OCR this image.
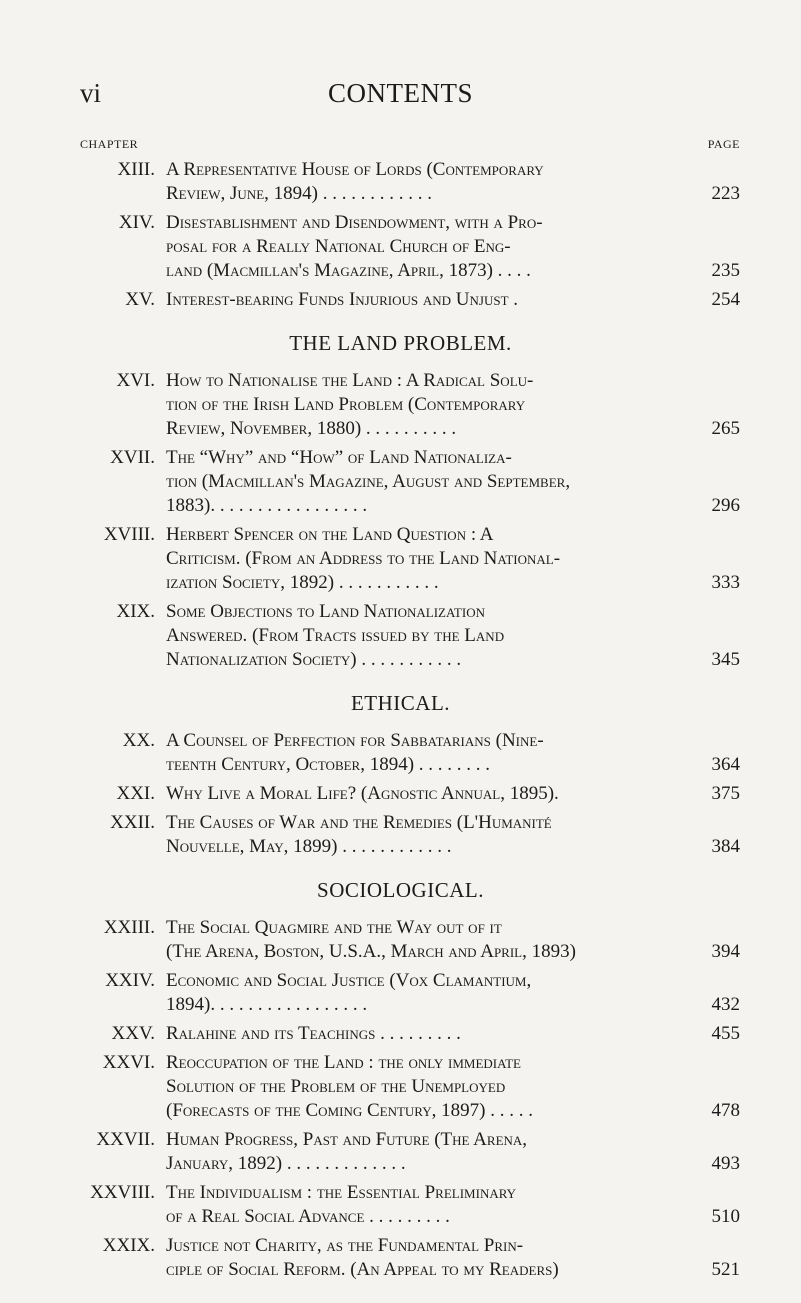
vi	CONTENTS
CHAPTER	PAGE
XIII. A Representative House of Lords (Contemporary
Review, June, 1894) . . . . . . . . . . . .	223
XIV. Disestablishment and Disendowment, with a Pro-
posal for a Really National Church of Eng-
land (Macmillan's Magazine, April, 1873) . . . .	235
XV. Interest-bearing Funds Injurious and Unjust .	254
THE LAND PROBLEM.
XVI. How to Nationalise the Land : A Radical Solu-
tion of the Irish Land Problem (Contemporary
Review, November, 1880) . . . . . . . . . .	265
XVII. The “Why” and “How” of Land Nationaliza-
tion (Macmillan's Magazine, August and September,
1883). . . . . . . . . . . . . . . . .	296
XVIII. Herbert Spencer on the Land Question : A
Criticism. (From an Address to the Land National-
ization Society, 1892) . . . . . . . . . . .	333
XIX. Some Objections to Land Nationalization
Answered. (From Tracts issued by the Land
Nationalization Society) . . . . . . . . . . .	345
ETHICAL.
XX. A Counsel of Perfection for Sabbatarians (Nine-
teenth Century, October, 1894) . . . . . . . .	364
XXI. Why Live a Moral Life? (Agnostic Annual, 1895).	375
XXII. The Causes of War and the Remedies (L'Humanité
Nouvelle, May, 1899) . . . . . . . . . . . .	384
SOCIOLOGICAL.
XXIII. The Social Quagmire and the Way out of it
(The Arena, Boston, U.S.A., March and April, 1893)	394
XXIV. Economic and Social Justice (Vox Clamantium,
1894). . . . . . . . . . . . . . . . .	432
XXV. Ralahine and its Teachings . . . . . . . . .	455
XXVI. Reoccupation of the Land : the only immediate
Solution of the Problem of the Unemployed
(Forecasts of the Coming Century, 1897) . . . . .	478
XXVII. Human Progress, Past and Future (The Arena,
January, 1892) . . . . . . . . . . . . .	493
XXVIII. The Individualism : the Essential Preliminary
of a Real Social Advance . . . . . . . . .	510
XXIX. Justice not Charity, as the Fundamental Prin-
ciple of Social Reform. (An Appeal to my Readers)	521
